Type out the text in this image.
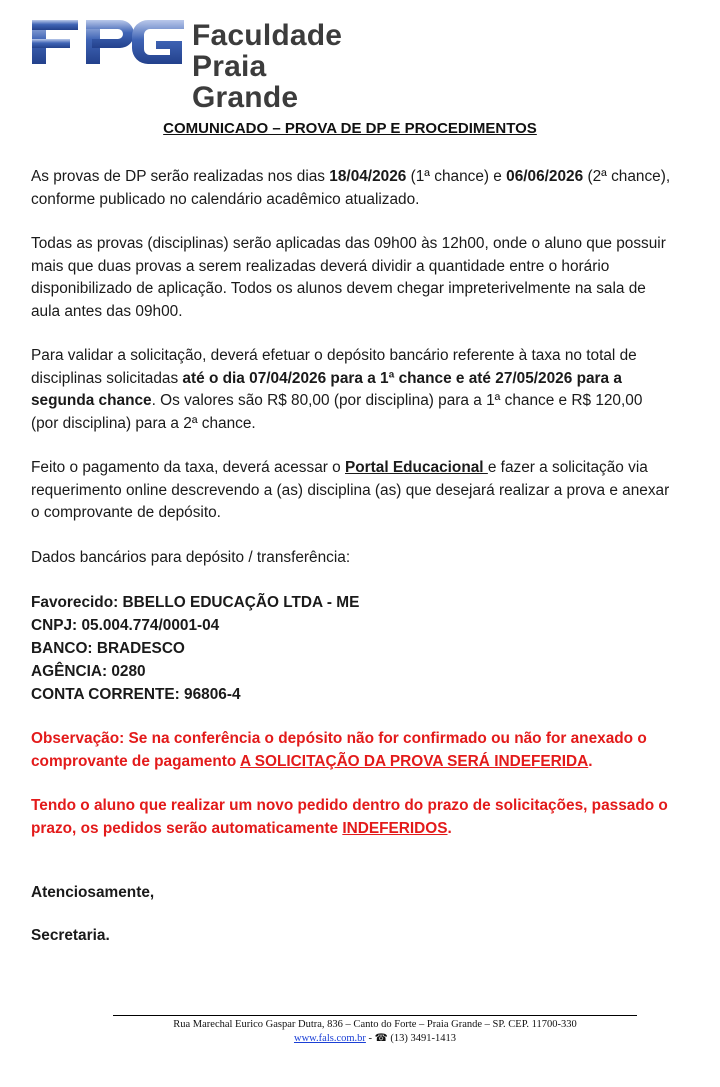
Faculdade
Praia Grande
COMUNICADO – PROVA DE DP E PROCEDIMENTOS

As provas de DP serão realizadas nos dias 18/04/2026 (1ª chance) e 06/06/2026 (2ª chance), conforme publicado no calendário acadêmico atualizado.

Todas as provas (disciplinas) serão aplicadas das 09h00 às 12h00, onde o aluno que possuir mais que duas provas a serem realizadas deverá dividir a quantidade entre o horário disponibilizado de aplicação. Todos os alunos devem chegar impreterivelmente na sala de aula antes das 09h00.

Para validar a solicitação, deverá efetuar o depósito bancário referente à taxa no total de disciplinas solicitadas até o dia 07/04/2026 para a 1ª chance e até 27/05/2026 para a segunda chance. Os valores são R$ 80,00 (por disciplina) para a 1ª chance e R$ 120,00 (por disciplina) para a 2ª chance.

Feito o pagamento da taxa, deverá acessar o Portal Educacional e fazer a solicitação via requerimento online descrevendo a (as) disciplina (as) que desejará realizar a prova e anexar o comprovante de depósito.

Dados bancários para depósito / transferência:

Favorecido: BBELLO EDUCAÇÃO LTDA - ME
CNPJ: 05.004.774/0001-04
BANCO: BRADESCO
AGÊNCIA: 0280
CONTA CORRENTE: 96806-4

Observação: Se na conferência o depósito não for confirmado ou não for anexado o comprovante de pagamento A SOLICITAÇÃO DA PROVA SERÁ INDEFERIDA.

Tendo o aluno que realizar um novo pedido dentro do prazo de solicitações, passado o prazo, os pedidos serão automaticamente INDEFERIDOS.

Atenciosamente,

Secretaria.

Rua Marechal Eurico Gaspar Dutra, 836 – Canto do Forte – Praia Grande – SP. CEP. 11700-330
www.fals.com.br - ☎ (13) 3491-1413
